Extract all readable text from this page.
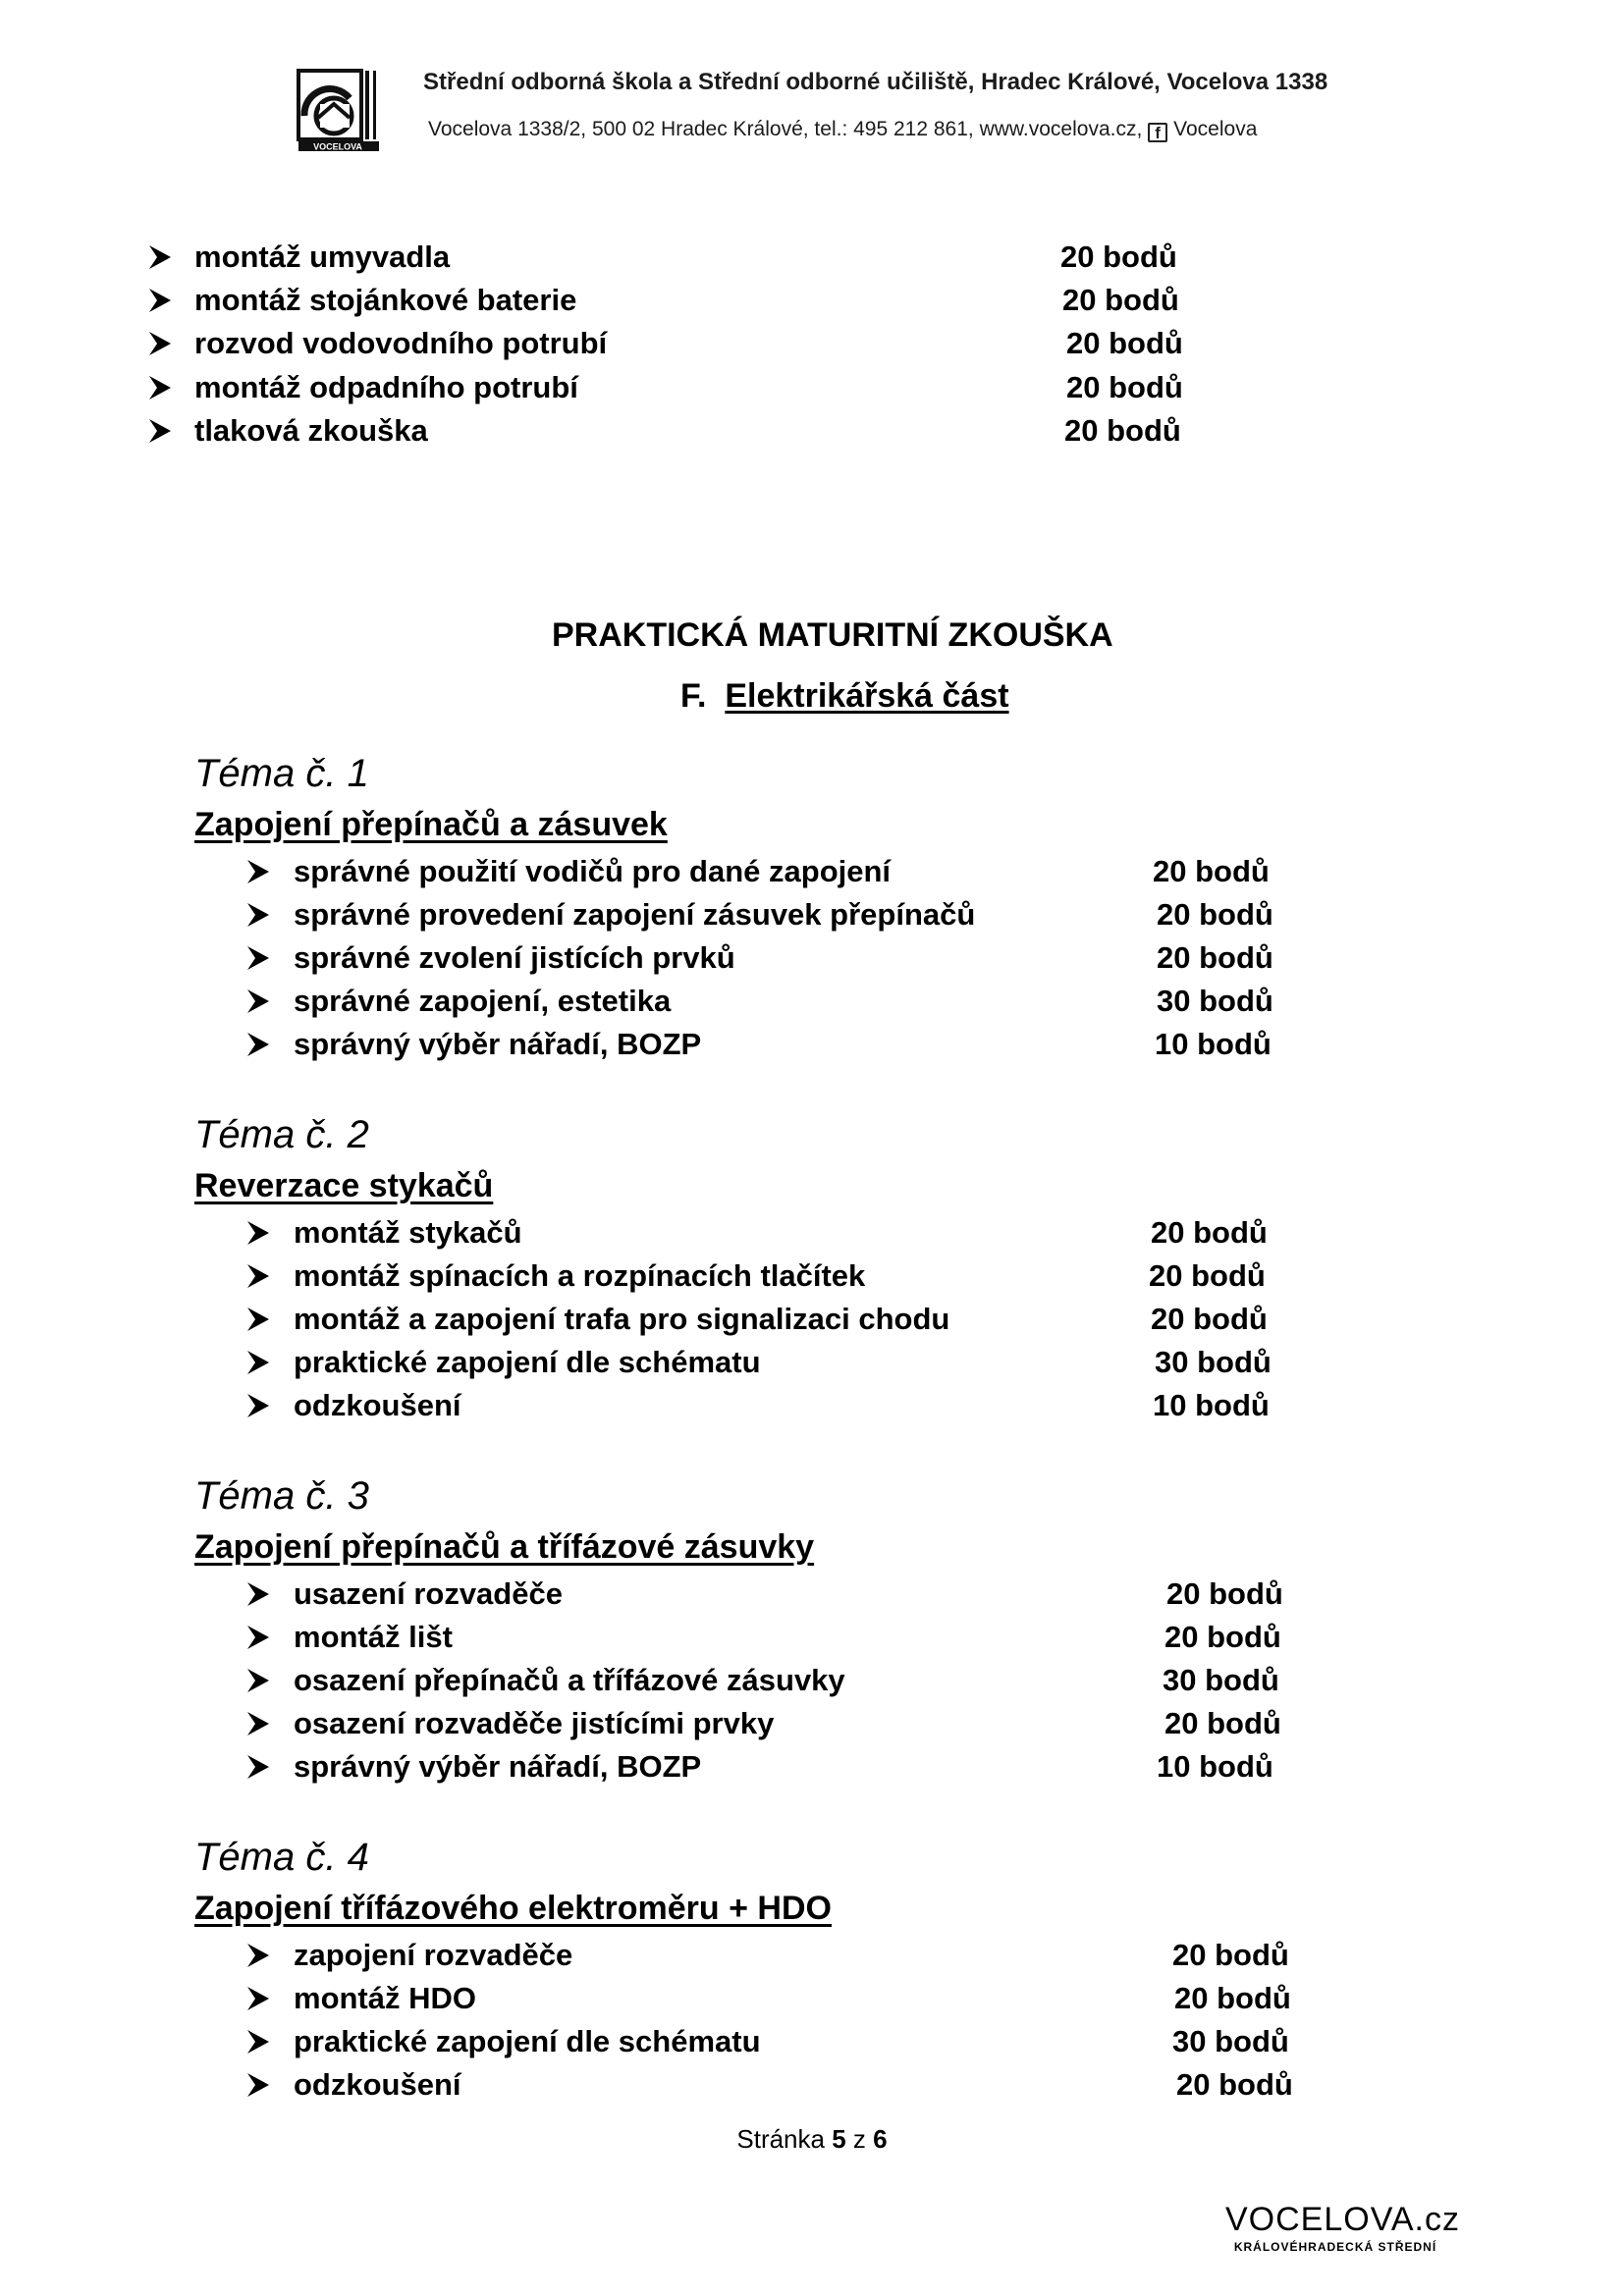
VOCELOVA
Střední odborná škola a Střední odborné učiliště, Hradec Králové, Vocelova 1338
Vocelova 1338/2, 500 02 Hradec Králové, tel.: 495 212 861, www.vocelova.cz, f Vocelova
montáž umyvadla	20 bodů
montáž stojánkové baterie	20 bodů
rozvod vodovodního potrubí	20 bodů
montáž odpadního potrubí	20 bodů
tlaková zkouška	20 bodů
PRAKTICKÁ MATURITNÍ ZKOUŠKA
F. Elektrikářská část
Téma č. 1
Zapojení přepínačů a zásuvek
správné použití vodičů pro dané zapojení	20 bodů
správné provedení zapojení zásuvek přepínačů	20 bodů
správné zvolení jistících prvků	20 bodů
správné zapojení, estetika	30 bodů
správný výběr nářadí, BOZP	10 bodů
Téma č. 2
Reverzace stykačů
montáž stykačů	20 bodů
montáž spínacích a rozpínacích tlačítek	20 bodů
montáž a zapojení trafa pro signalizaci chodu	20 bodů
praktické zapojení dle schématu	30 bodů
odzkoušení	10 bodů
Téma č. 3
Zapojení přepínačů a třífázové zásuvky
usazení rozvaděče	20 bodů
montáž lišt	20 bodů
osazení přepínačů a třífázové zásuvky	30 bodů
osazení rozvaděče jistícími prvky	20 bodů
správný výběr nářadí, BOZP	10 bodů
Téma č. 4
Zapojení třífázového elektroměru + HDO
zapojení rozvaděče	20 bodů
montáž HDO	20 bodů
praktické zapojení dle schématu	30 bodů
odzkoušení	20 bodů
Stránka 5 z 6
VOCELOVA.cz
KRÁLOVÉHRADECKÁ STŘEDNÍ
